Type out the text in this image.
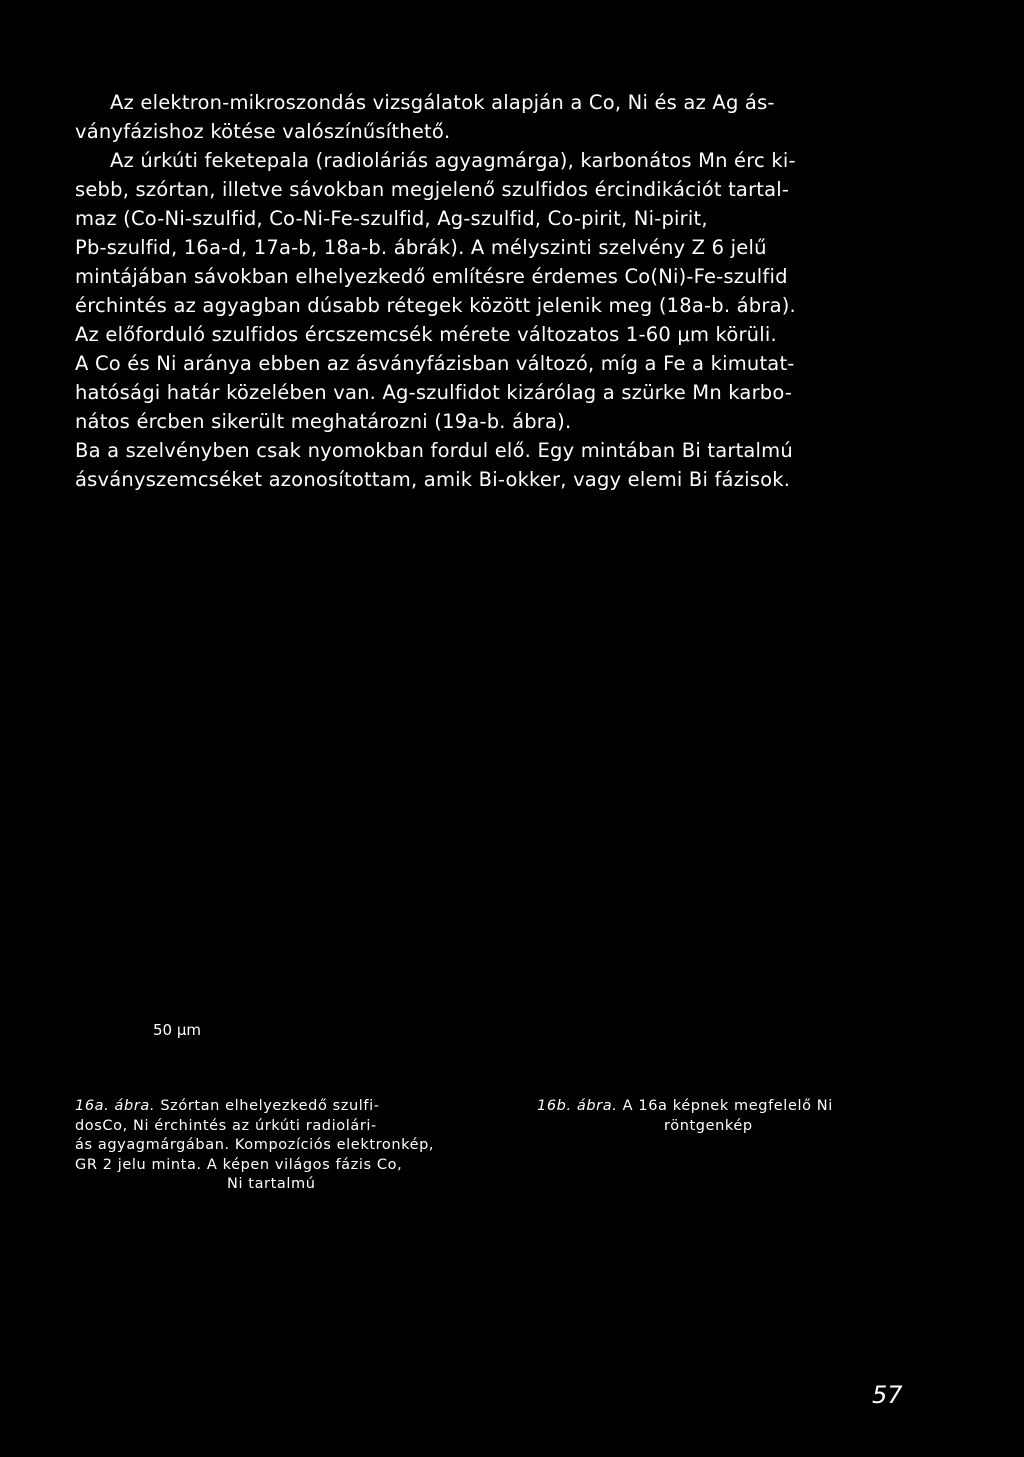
Az elektron-mikroszondás vizsgálatok alapján a Co, Ni és az Ag ás-
ványfázishoz kötése valószínűsíthető.
Az úrkúti feketepala (radioláriás agyagmárga), karbonátos Mn érc ki-
sebb, szórtan, illetve sávokban megjelenő szulfidos ércindikációt tartal-
maz (Co-Ni-szulfid, Co-Ni-Fe-szulfid, Ag-szulfid, Co-pirit, Ni-pirit,
Pb-szulfid, 16a-d, 17a-b, 18a-b. ábrák). A mélyszinti szelvény Z 6 jelű
mintájában sávokban elhelyezkedő említésre érdemes Co(Ni)-Fe-szulfid
érchintés az agyagban dúsabb rétegek között jelenik meg (18a-b. ábra).
Az előforduló szulfidos ércszemcsék mérete változatos 1-60 μm körüli.
A Co és Ni aránya ebben az ásványfázisban változó, míg a Fe a kimutat-
hatósági határ közelében van. Ag-szulfidot kizárólag a szürke Mn karbo-
nátos ércben sikerült meghatározni (19a-b. ábra).
Ba a szelvényben csak nyomokban fordul elő. Egy mintában Bi tartalmú
ásványszemcséket azonosítottam, amik Bi-okker, vagy elemi Bi fázisok.
50 μm
16a. ábra. Szórtan elhelyezkedő szulfi-
dosCo, Ni érchintés az úrkúti radiolári-
ás agyagmárgában. Kompozíciós elektronkép,
GR 2 jelu minta. A képen világos fázis Co,
Ni tartalmú
16b. ábra. A 16a képnek megfelelő Ni
röntgenkép
57
